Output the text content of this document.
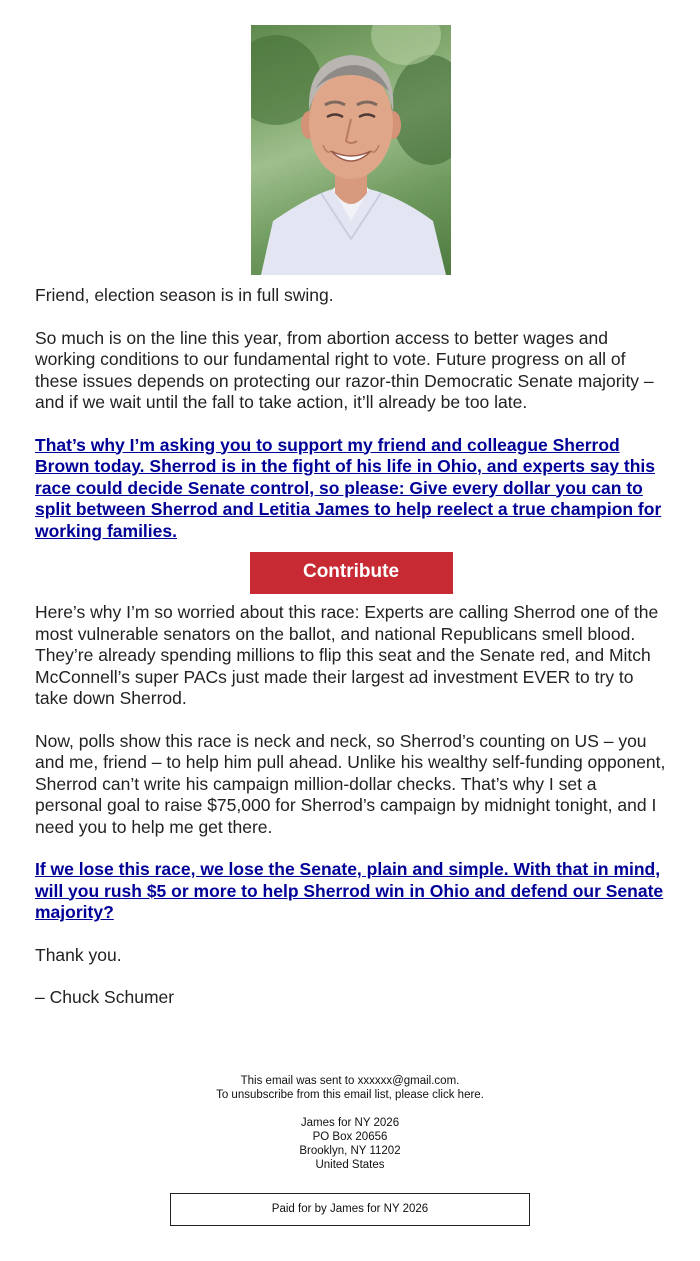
Friend, election season is in full swing.

So much is on the line this year, from abortion access to better wages and working conditions to our fundamental right to vote. Future progress on all of these issues depends on protecting our razor-thin Democratic Senate majority – and if we wait until the fall to take action, it’ll already be too late.

That’s why I’m asking you to support my friend and colleague Sherrod Brown today. Sherrod is in the fight of his life in Ohio, and experts say this race could decide Senate control, so please: Give every dollar you can to split between Sherrod and Letitia James to help reelect a true champion for working families.

Contribute

Here’s why I’m so worried about this race: Experts are calling Sherrod one of the most vulnerable senators on the ballot, and national Republicans smell blood. They’re already spending millions to flip this seat and the Senate red, and Mitch McConnell’s super PACs just made their largest ad investment EVER to try to take down Sherrod.

Now, polls show this race is neck and neck, so Sherrod’s counting on US – you and me, friend – to help him pull ahead. Unlike his wealthy self-funding opponent, Sherrod can’t write his campaign million-dollar checks. That’s why I set a personal goal to raise $75,000 for Sherrod’s campaign by midnight tonight, and I need you to help me get there.

If we lose this race, we lose the Senate, plain and simple. With that in mind, will you rush $5 or more to help Sherrod win in Ohio and defend our Senate majority?

Thank you.

– Chuck Schumer

This email was sent to xxxxxx@gmail.com.
To unsubscribe from this email list, please click here.
James for NY 2026
PO Box 20656
Brooklyn, NY 11202
United States
Paid for by James for NY 2026
